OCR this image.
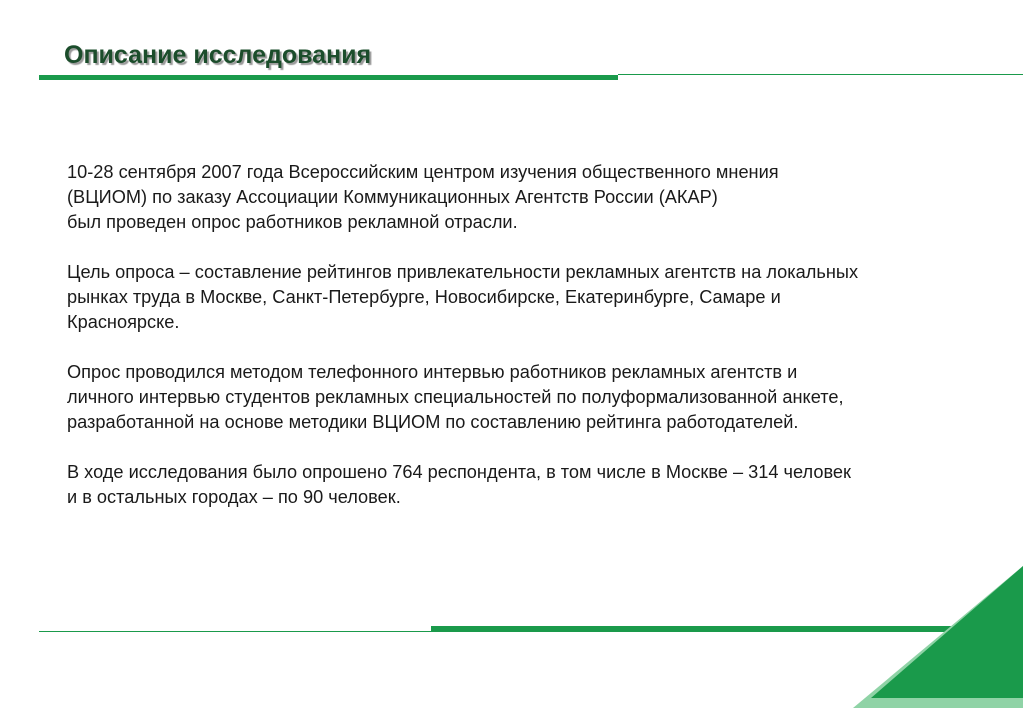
Описание исследования

10-28 сентября 2007 года Всероссийским центром изучения общественного мнения
(ВЦИОМ) по заказу Ассоциации Коммуникационных Агентств России (АКАР)
был проведен опрос работников рекламной отрасли.

Цель опроса – составление рейтингов привлекательности рекламных агентств на локальных
рынках труда в Москве, Санкт-Петербурге, Новосибирске, Екатеринбурге, Самаре и
Красноярске.

Опрос проводился методом телефонного интервью работников рекламных агентств и
личного интервью студентов рекламных специальностей по полуформализованной анкете,
разработанной на основе методики ВЦИОМ по составлению рейтинга работодателей.

В ходе исследования было опрошено 764 респондента, в том числе в Москве – 314 человек
и в остальных городах – по 90 человек.
